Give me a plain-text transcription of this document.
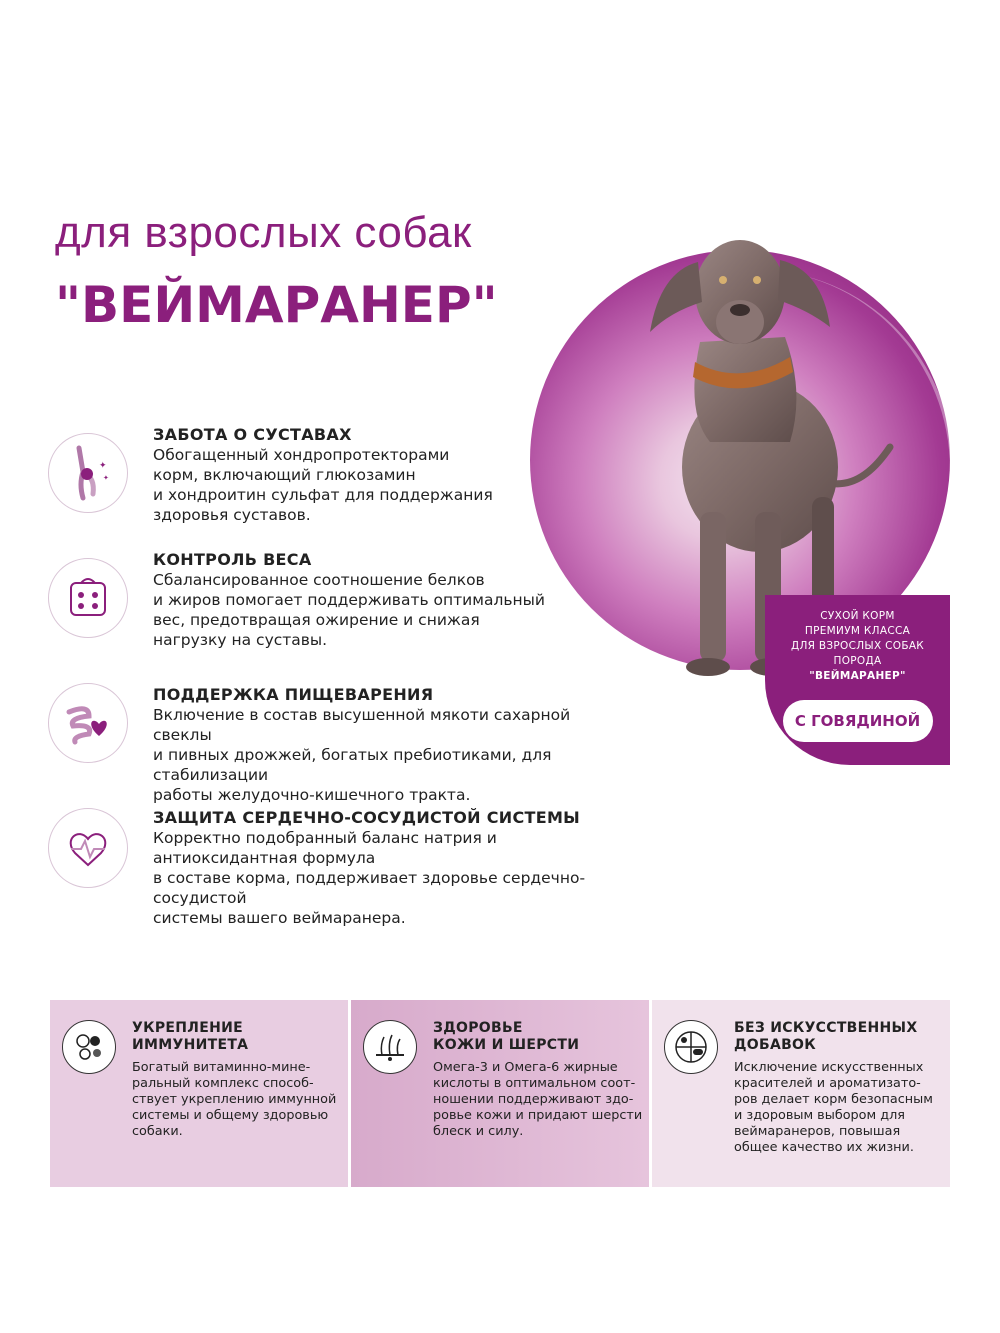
для взрослых собак
"ВЕЙМАРАНЕР"
СУХОЙ КОРМ
ПРЕМИУМ КЛАССА
ДЛЯ ВЗРОСЛЫХ СОБАК
ПОРОДА
"ВЕЙМАРАНЕР"
С ГОВЯДИНОЙ
✦
✦
ЗАБОТА О СУСТАВАХ

Обогащенный хондропротекторами

корм, включающий глюкозамин

и хондроитин сульфат для поддержания

здоровья суставов.

КОНТРОЛЬ ВЕСА

Сбалансированное соотношение белков

и жиров помогает поддерживать оптимальный

вес, предотвращая ожирение и снижая

нагрузку на суставы.

ПОДДЕРЖКА ПИЩЕВАРЕНИЯ

Включение в состав высушенной мякоти сахарной свеклы

и пивных дрожжей, богатых пребиотиками, для стабилизации

работы желудочно-кишечного тракта.

ЗАЩИТА СЕРДЕЧНО-СОСУДИСТОЙ СИСТЕМЫ

Корректно подобранный баланс натрия и антиоксидантная формула

в составе корма, поддерживает здоровье сердечно-сосудистой

системы вашего веймаранера.

УКРЕПЛЕНИЕ
ИММУНИТЕТА

Богатый витаминно-мине-

ральный комплекс способ-

ствует укреплению иммунной

системы и общему здоровью

собаки.

ЗДОРОВЬЕ
КОЖИ И ШЕРСТИ

Омега-3 и Омега-6 жирные

кислоты в оптимальном соот-

ношении поддерживают здо-

ровье кожи и придают шерсти

блеск и силу.

БЕЗ ИСКУССТВЕННЫХ
ДОБАВОК

Исключение искусственных

красителей и ароматизато-

ров делает корм безопасным

и здоровым выбором для

веймаранеров, повышая

общее качество их жизни.
